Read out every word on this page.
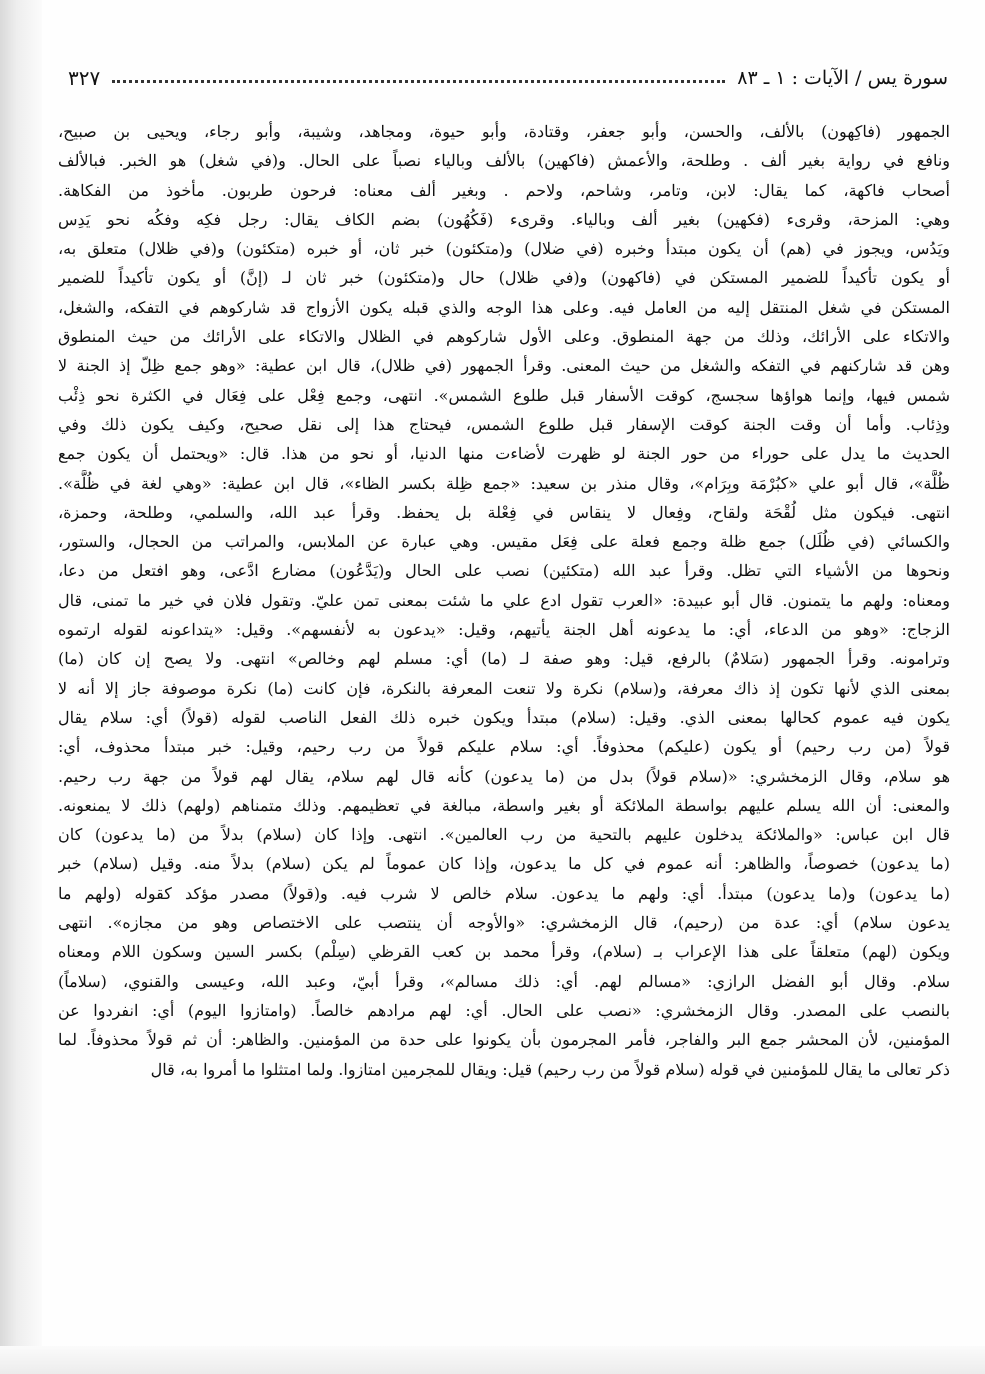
سورة يس / الآيات : ١ ـ ٨٣
٣٢٧
الجمهور (فاكِهون) بالألف، والحسن، وأبو جعفر، وقتادة، وأبو حيوة، ومجاهد، وشيبة، وأبو رجاء، ويحيى بن صبيح،
ونافع في رواية بغير ألف . وطلحة، والأعمش (فاكهين) بالألف وبالياء نصباً على الحال. و(في شغل) هو الخبر. فبالألف
أصحاب فاكهة، كما يقال: لابن، وتامر، وشاحم، ولاحم . وبغير ألف معناه: فرحون طربون. مأخوذ من الفكاهة.
وهي: المزحة، وقرىء (فكهين) بغير ألف وبالياء. وقرىء (فَكُهُون) بضم الكاف يقال: رجل فكِه وفكُه نحو يَدِس
ويَدُس، ويجوز في (هم) أن يكون مبتدأ وخبره (في ضلال) و(متكئون) خبر ثان، أو خبره (متكئون) و(في ظلال) متعلق به،
أو يكون تأكيداً للضمير المستكن في (فاكهون) و(في ظلال) حال و(متكئون) خبر ثان لـ (إنَّ) أو يكون تأكيداً للضمير
المستكن في شغل المنتقل إليه من العامل فيه. وعلى هذا الوجه والذي قبله يكون الأزواج قد شاركوهم في التفكه، والشغل،
والاتكاء على الأرائك، وذلك من جهة المنطوق. وعلى الأول شاركوهم في الظلال والاتكاء على الأرائك من حيث المنطوق
وهن قد شاركنهم في التفكه والشغل من حيث المعنى. وقرأ الجمهور (في ظلال)، قال ابن عطية: «وهو جمع ظِلّ إذ الجنة لا
شمس فيها، وإنما هواؤها سجسج، كوقت الأسفار قبل طلوع الشمس». انتهى، وجمع فِعْل على فِعَال في الكثرة نحو ذِئْب
وذِئاب. وأما أن وقت الجنة كوقت الإسفار قبل طلوع الشمس، فيحتاج هذا إلى نقل صحيح، وكيف يكون ذلك وفي
الحديث ما يدل على حوراء من حور الجنة لو ظهرت لأضاءت منها الدنيا، أو نحو من هذا. قال: «ويحتمل أن يكون جمع
ظُلَّة»، قال أبو علي «كبُرْمَة وبِرَام»، وقال منذر بن سعيد: «جمع ظِلة بكسر الظاء»، قال ابن عطية: «وهي لغة في ظُلَّة».
انتهى. فيكون مثل لُقْحَة ولقاح، وفِعال لا ينقاس في فِعْلة بل يحفظ. وقرأ عبد الله، والسلمي، وطلحة، وحمزة،
والكسائي (في ظُلَل) جمع ظلة وجمع فعلة على فِعَل مقيس. وهي عبارة عن الملابس، والمراتب من الحجال، والستور،
ونحوها من الأشياء التي تظل. وقرأ عبد الله (متكئين) نصب على الحال و(يَدَّعُون) مضارع ادَّعى، وهو افتعل من دعا،
ومعناه: ولهم ما يتمنون. قال أبو عبيدة: «العرب تقول ادع علي ما شئت بمعنى تمن عليّ. وتقول فلان في خير ما تمنى، قال
الزجاج: «وهو من الدعاء، أي: ما يدعونه أهل الجنة يأتيهم، وقيل: «يدعون به لأنفسهم». وقيل: «يتداعونه لقوله ارتموه
وترامونه. وقرأ الجمهور (سَلامٌ) بالرفع، قيل: وهو صفة لـ (ما) أي: مسلم لهم وخالص» انتهى. ولا يصح إن كان (ما)
بمعنى الذي لأنها تكون إذ ذاك معرفة، و(سلام) نكرة ولا تنعت المعرفة بالنكرة، فإن كانت (ما) نكرة موصوفة جاز إلا أنه لا
يكون فيه عموم كحالها بمعنى الذي. وقيل: (سلام) مبتدأ ويكون خبره ذلك الفعل الناصب لقوله (قولاً) أي: سلام يقال
قولاً (من رب رحيم) أو يكون (عليكم) محذوفاً. أي: سلام عليكم قولاً من رب رحيم، وقيل: خبر مبتدأ محذوف، أي:
هو سلام، وقال الزمخشري: «(سلام قولاً) بدل من (ما يدعون) كأنه قال لهم سلام، يقال لهم قولاً من جهة رب رحيم.
والمعنى: أن الله يسلم عليهم بواسطة الملائكة أو بغير واسطة، مبالغة في تعظيمهم. وذلك متمناهم (ولهم) ذلك لا يمنعونه.
قال ابن عباس: «والملائكة يدخلون عليهم بالتحية من رب العالمين». انتهى. وإذا كان (سلام) بدلاً من (ما يدعون) كان
(ما يدعون) خصوصاً، والظاهر: أنه عموم في كل ما يدعون، وإذا كان عموماً لم يكن (سلام) بدلاً منه. وقيل (سلام) خبر
(ما يدعون) و(ما يدعون) مبتدأ. أي: ولهم ما يدعون. سلام خالص لا شرب فيه. و(قولاً) مصدر مؤكد كقوله (ولهم ما
يدعون سلام) أي: عدة من (رحيم)، قال الزمخشري: «والأوجه أن ينتصب على الاختصاص وهو من مجازه». انتهى
ويكون (لهم) متعلقاً على هذا الإعراب بـ (سلام)، وقرأ محمد بن كعب القرظي (سِلْم) بكسر السين وسكون اللام ومعناه
سلام. وقال أبو الفضل الرازي: «مسالم لهم. أي: ذلك مسالم»، وقرأ أبيّ، وعبد الله، وعيسى والقنوي، (سلاماً)
بالنصب على المصدر. وقال الزمخشري: «نصب على الحال. أي: لهم مرادهم خالصاً. (وامتازوا اليوم) أي: انفردوا عن
المؤمنين، لأن المحشر جمع البر والفاجر، فأمر المجرمون بأن يكونوا على حدة من المؤمنين. والظاهر: أن ثم قولاً محذوفاً. لما
ذكر تعالى ما يقال للمؤمنين في قوله (سلام قولاً من رب رحيم) قيل: ويقال للمجرمين امتازوا. ولما امتثلوا ما أمروا به، قال
